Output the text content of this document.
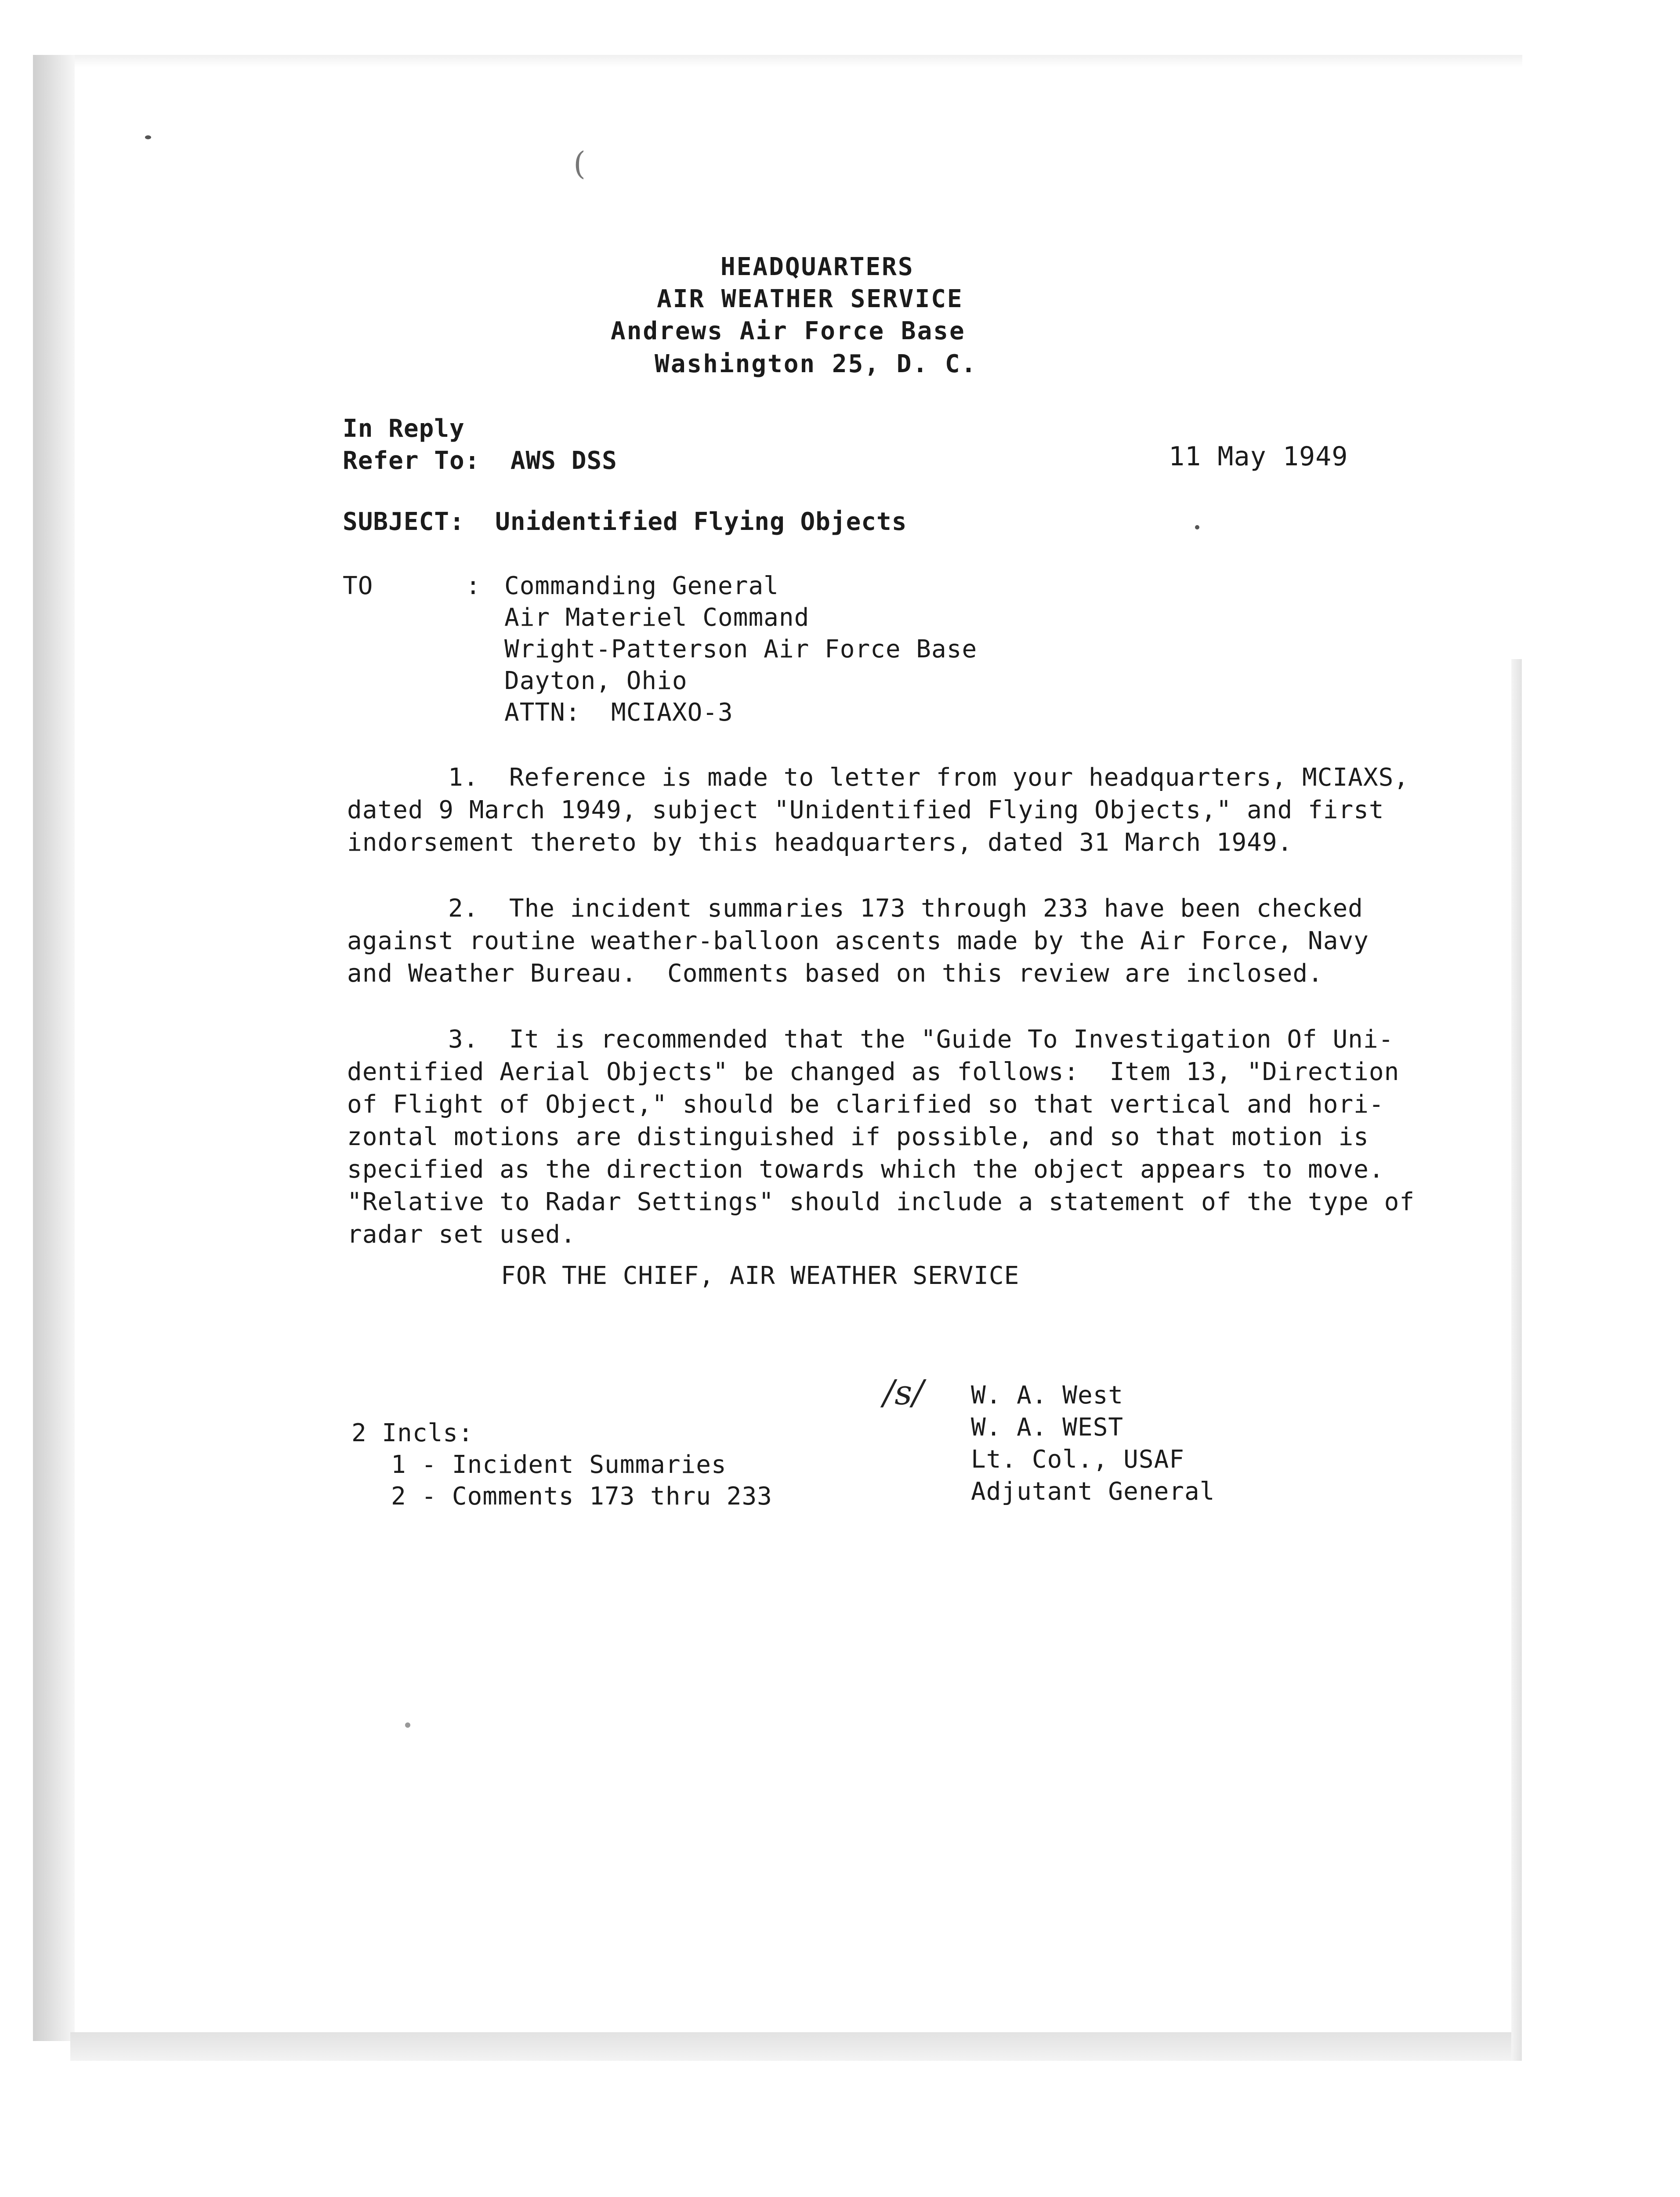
(
HEADQUARTERS
AIR WEATHER SERVICE
Andrews Air Force Base
Washington 25, D. C.
In Reply
Refer To:  AWS DSS	11 May 1949
SUBJECT:  Unidentified Flying Objects
TO	: Commanding General
Air Materiel Command
Wright-Patterson Air Force Base
Dayton, Ohio
ATTN:  MCIAXO-3
1.  Reference is made to letter from your headquarters, MCIAXS,
dated 9 March 1949, subject "Unidentified Flying Objects," and first
indorsement thereto by this headquarters, dated 31 March 1949.
2.  The incident summaries 173 through 233 have been checked
against routine weather-balloon ascents made by the Air Force, Navy
and Weather Bureau.  Comments based on this review are inclosed.
3.  It is recommended that the "Guide To Investigation Of Uni-
dentified Aerial Objects" be changed as follows:  Item 13, "Direction
of Flight of Object," should be clarified so that vertical and hori-
zontal motions are distinguished if possible, and so that motion is
specified as the direction towards which the object appears to move.
"Relative to Radar Settings" should include a statement of the type of
radar set used.
FOR THE CHIEF, AIR WEATHER SERVICE
/s/ W. A. West
W. A. WEST
Lt. Col., USAF
Adjutant General
2 Incls:
1 - Incident Summaries
2 - Comments 173 thru 233
